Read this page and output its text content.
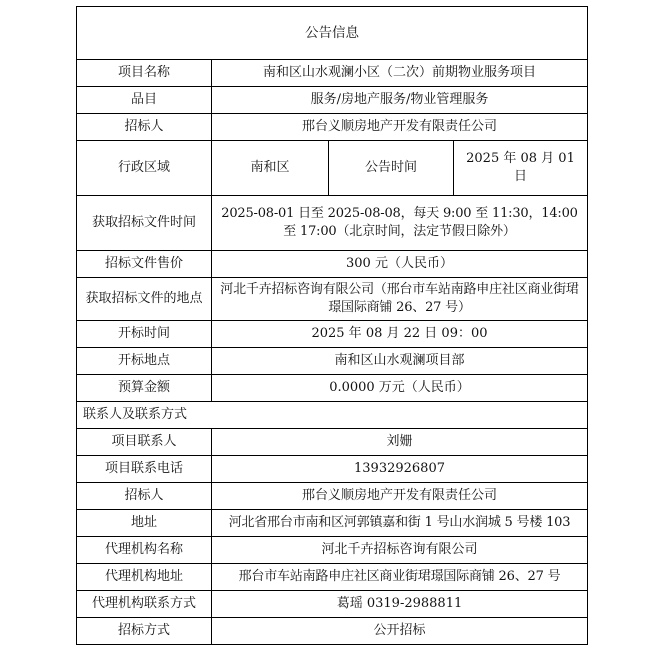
公告信息			
项目名称	南和区山水观澜小区（二次）前期物业服务项目		
品目	服务/房地产服务/物业管理服务		
招标人	邢台义顺房地产开发有限责任公司		
行政区域	南和区	公告时间	2025 年 08 月 01 日
获取招标文件时间	2025-08-01 日至 2025-08-08，每天 9:00 至 11:30，14:00 至 17:00（北京时间，法定节假日除外）		
招标文件售价	300 元（人民币）		
获取招标文件的地点	河北千卉招标咨询有限公司（邢台市车站南路申庄社区商业街珺璟国际商铺 26、27 号）		
开标时间	2025 年 08 月 22 日 09：00		
开标地点	南和区山水观澜项目部		
预算金额	0.0000 万元（人民币）		
联系人及联系方式			
项目联系人	刘姗		
项目联系电话	13932926807		
招标人	邢台义顺房地产开发有限责任公司		
地址	河北省邢台市南和区河郭镇嘉和街 1 号山水润城 5 号楼 103		
代理机构名称	河北千卉招标咨询有限公司		
代理机构地址	邢台市车站南路申庄社区商业街珺璟国际商铺 26、27 号		
代理机构联系方式	葛瑶 0319-2988811		
招标方式	公开招标		
